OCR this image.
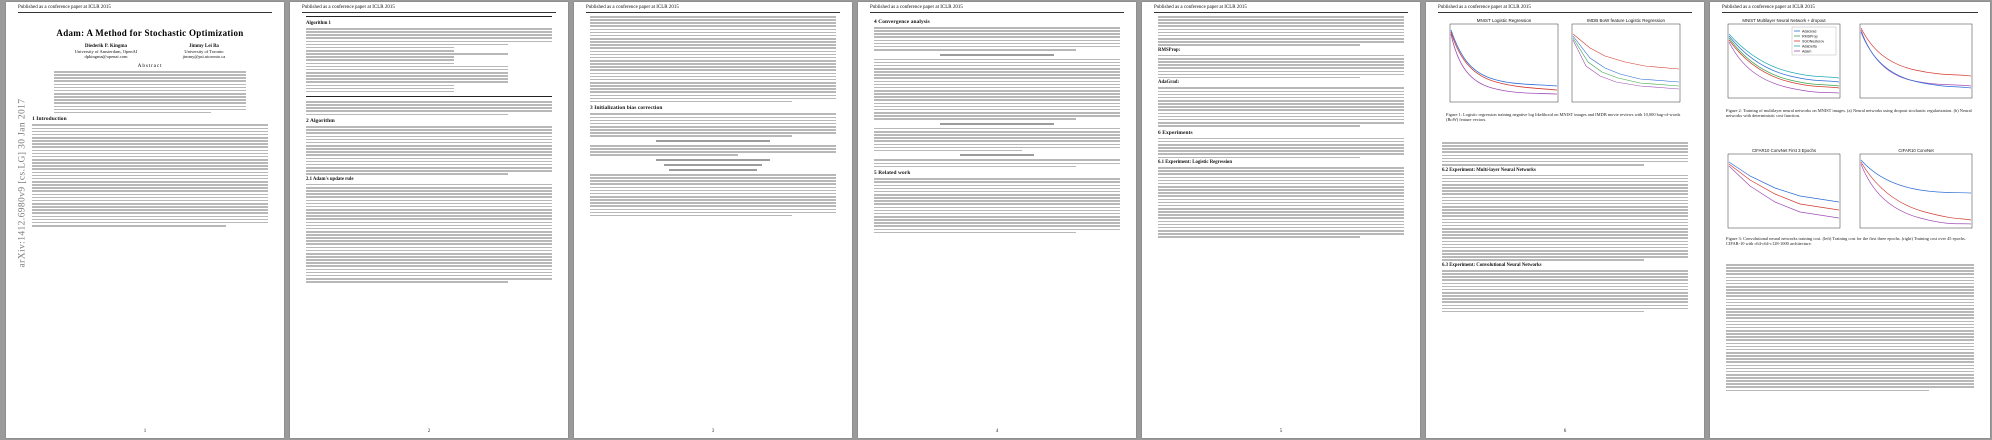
Published as a conference paper at ICLR 2015
Adam: A Method for Stochastic Optimization
Diederik P. Kingma
University of Amsterdam, OpenAI
dpkingma@openai.com
Jimmy Lei Ba
University of Toronto
jimmy@psi.utoronto.ca
Abstract
1 Introduction
arXiv:1412.6980v9 [cs.LG] 30 Jan 2017
1
Published as a conference paper at ICLR 2015
Algorithm 1
2 Algorithm
2.1 Adam's update rule
2
Published as a conference paper at ICLR 2015
3 Initialization bias correction
3
Published as a conference paper at ICLR 2015
4 Convergence analysis
5 Related work
4
Published as a conference paper at ICLR 2015
RMSProp:
AdaGrad:
6 Experiments
6.1 Experiment: Logistic Regression
5
Published as a conference paper at ICLR 2015
MNIST Logistic Regression	IMDB BoW feature Logistic Regression
Figure 1: Logistic regression training negative log likelihood on MNIST images and IMDB movie reviews with 10,000 bag-of-words (BoW) feature vectors.
6.2 Experiment: Multi-layer Neural Networks
6.3 Experiment: Convolutional Neural Networks
6
Published as a conference paper at ICLR 2015
MNIST Multilayer Neural Network + dropout
AdaGrad
RMSProp
SGDNesterov
AdaDelta
Adam
Figure 2: Training of multilayer neural networks on MNIST images. (a) Neural networks using dropout stochastic regularization. (b) Neural networks with deterministic cost function.
CIFAR10 ConvNet First 3 Epochs	CIFAR10 ConvNet
Figure 3: Convolutional neural networks training cost. (left) Training cost for the first three epochs. (right) Training cost over 45 epochs. CIFAR-10 with c64-c64-c128-1000 architecture.
